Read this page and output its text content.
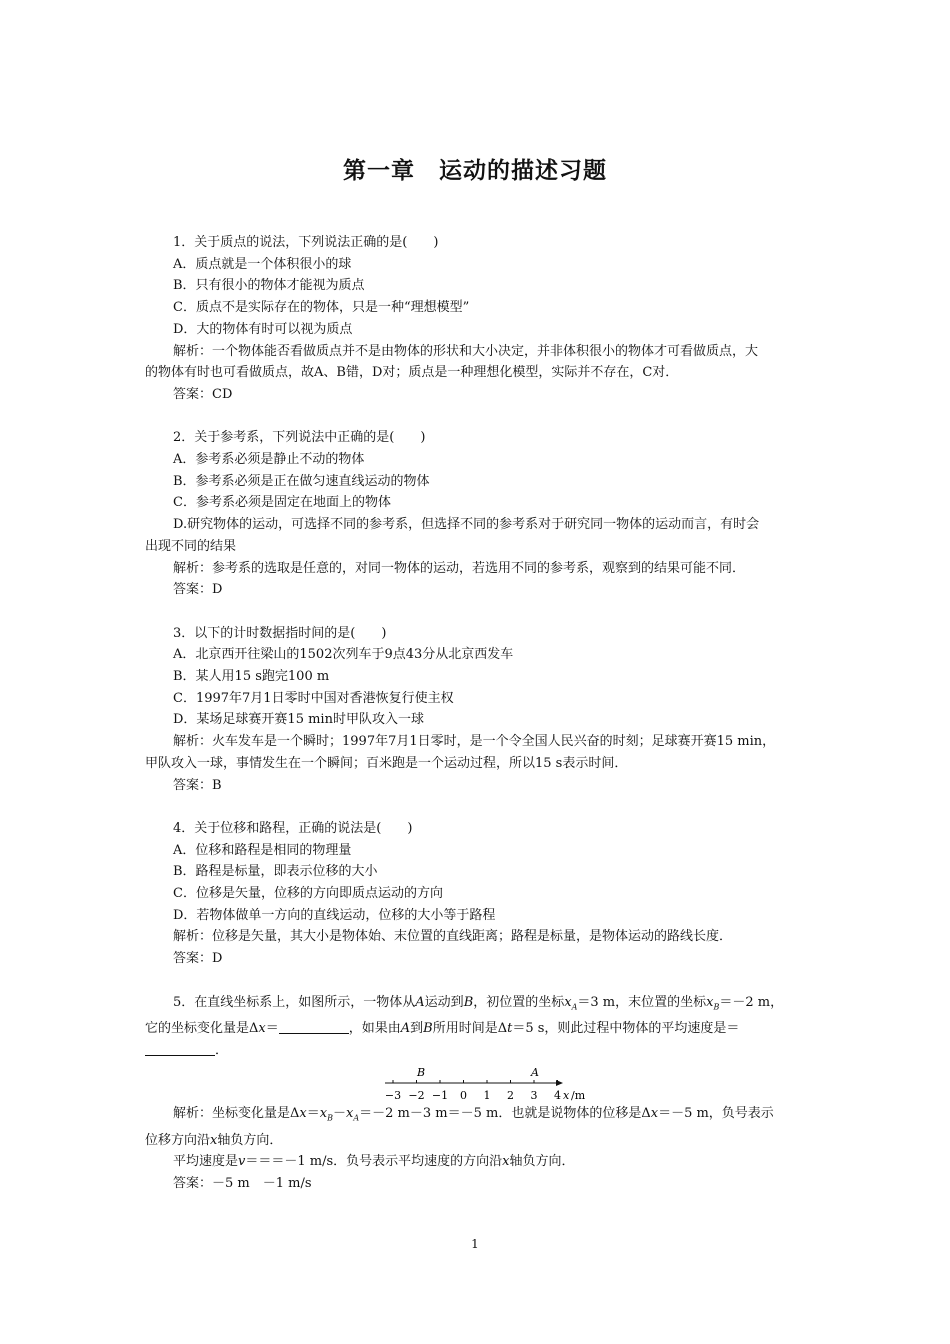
第一章　运动的描述习题

1．关于质点的说法，下列说法正确的是(　　)

A．质点就是一个体积很小的球

B．只有很小的物体才能视为质点

C．质点不是实际存在的物体，只是一种“理想模型”

D．大的物体有时可以视为质点

解析：一个物体能否看做质点并不是由物体的形状和大小决定，并非体积很小的物体才可看做质点，大

的物体有时也可看做质点，故A、B错，D对；质点是一种理想化模型，实际并不存在，C对．

答案：CD

2．关于参考系，下列说法中正确的是(　　)

A．参考系必须是静止不动的物体

B．参考系必须是正在做匀速直线运动的物体

C．参考系必须是固定在地面上的物体

D.研究物体的运动，可选择不同的参考系，但选择不同的参考系对于研究同一物体的运动而言，有时会

出现不同的结果

解析：参考系的选取是任意的，对同一物体的运动，若选用不同的参考系，观察到的结果可能不同．

答案：D

3．以下的计时数据指时间的是(　　)

A．北京西开往梁山的1502次列车于9点43分从北京西发车

B．某人用15 s跑完100 m

C．1997年7月1日零时中国对香港恢复行使主权

D．某场足球赛开赛15 min时甲队攻入一球

解析：火车发车是一个瞬时；1997年7月1日零时，是一个令全国人民兴奋的时刻；足球赛开赛15 min，

甲队攻入一球，事情发生在一个瞬间；百米跑是一个运动过程，所以15 s表示时间．

答案：B

4．关于位移和路程，正确的说法是(　　)

A．位移和路程是相同的物理量

B．路程是标量，即表示位移的大小

C．位移是矢量，位移的方向即质点运动的方向

D．若物体做单一方向的直线运动，位移的大小等于路程

解析：位移是矢量，其大小是物体始、末位置的直线距离；路程是标量，是物体运动的路线长度．

答案：D

5．在直线坐标系上，如图所示，一物体从A运动到B，初位置的坐标$x_A=3$ m，末位置的坐标$x_B=-2$ m，

它的坐标变化量是Δx＝	，如果由A到B所用时间是Δt＝5 s，则此过程中物体的平均速度是＝

．

B	A
−3 −2 −1 0 1 2 3 4 x /m

解析：坐标变化量是$\Delta x=x_B-x_A=-2$ m－3 m＝－5 m．也就是说物体的位移是Δx＝－5 m，负号表示

位移方向沿x轴负方向．

平均速度是v＝＝＝－1 m/s．负号表示平均速度的方向沿x轴负方向．

答案：－5 m　－1 m/s

1
